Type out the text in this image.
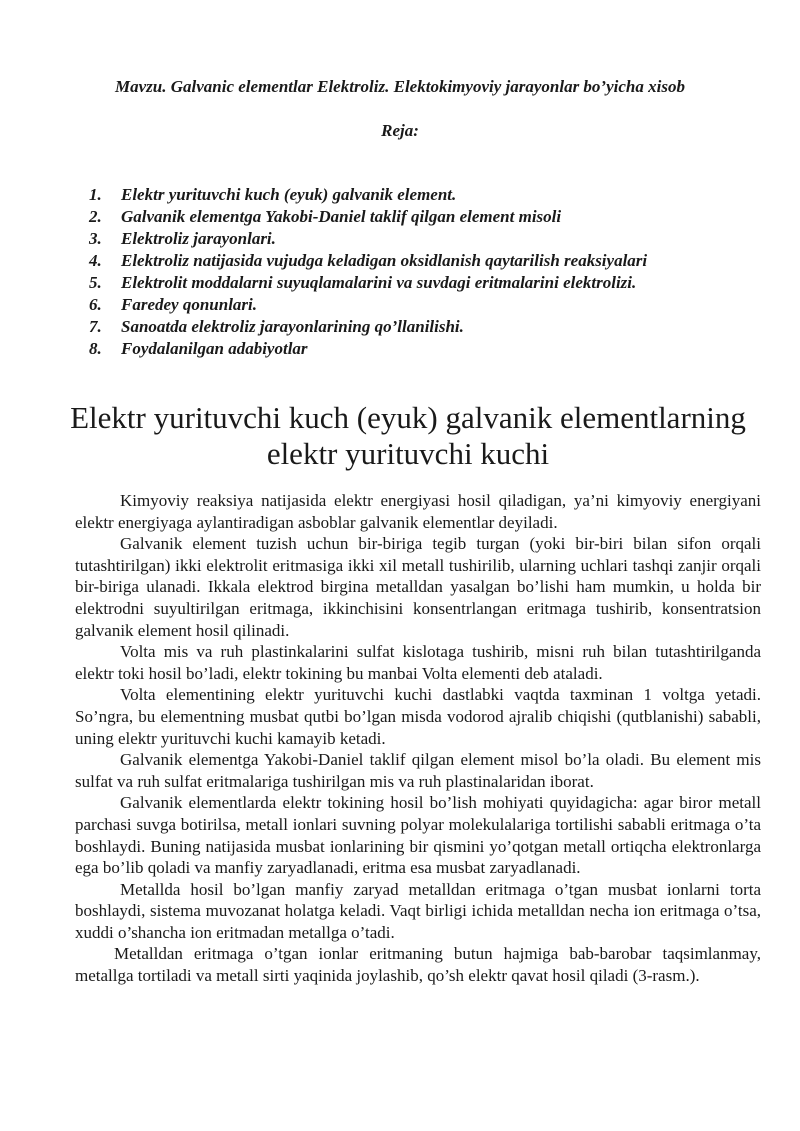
Mavzu. Galvanic elementlar Elektroliz. Elektokimyoviy jarayonlar bo’yicha xisob

Reja:

1.	Elektr yurituvchi kuch (eyuk) galvanik element.
2.	Galvanik elementga Yakobi-Daniel taklif qilgan element misoli
3.	Elektroliz jarayonlari.
4.	Elektroliz natijasida vujudga keladigan oksidlanish qaytarilish reaksiyalari
5.	Elektrolit moddalarni suyuqlamalarini va suvdagi eritmalarini elektrolizi.
6.	Faredey qonunlari.
7.	Sanoatda elektroliz jarayonlarining qo’llanilishi.
8.	Foydalanilgan adabiyotlar
Elektr yurituvchi kuch (eyuk) galvanik elementlarning elektr yurituvchi kuchi

Kimyoviy reaksiya natijasida elektr energiyasi hosil qiladigan, ya’ni kimyoviy energiyani elektr energiyaga aylantiradigan asboblar galvanik elementlar deyiladi.

Galvanik element tuzish uchun bir-biriga tegib turgan (yoki bir-biri bilan sifon orqali tutashtirilgan) ikki elektrolit eritmasiga ikki xil metall tushirilib, ularning uchlari tashqi zanjir orqali bir-biriga ulanadi. Ikkala elektrod birgina metalldan yasalgan bo’lishi ham mumkin, u holda bir elektrodni suyultirilgan eritmaga, ikkinchisini konsentrlangan eritmaga tushirib, konsentratsion galvanik element hosil qilinadi.

Volta mis va ruh plastinkalarini sulfat kislotaga tushirib, misni ruh bilan tutashtirilganda elektr toki hosil bo’ladi, elektr tokining bu manbai Volta elementi deb ataladi.

Volta elementining elektr yurituvchi kuchi dastlabki vaqtda taxminan 1 voltga yetadi. So’ngra, bu elementning musbat qutbi bo’lgan misda vodorod ajralib chiqishi (qutblanishi) sababli, uning elektr yurituvchi kuchi kamayib ketadi.

Galvanik elementga Yakobi-Daniel taklif qilgan element misol bo’la oladi. Bu element mis sulfat va ruh sulfat eritmalariga tushirilgan mis va ruh plastinalaridan iborat.

Galvanik elementlarda elektr tokining hosil bo’lish mohiyati quyidagicha: agar biror metall parchasi suvga botirilsa, metall ionlari suvning polyar molekulalariga tortilishi sababli eritmaga o’ta boshlaydi. Buning natijasida musbat ionlarining bir qismini yo’qotgan metall ortiqcha elektronlarga ega bo’lib qoladi va manfiy zaryadlanadi, eritma esa musbat zaryadlanadi.

Metallda hosil bo’lgan manfiy zaryad metalldan eritmaga o’tgan musbat ionlarni torta boshlaydi, sistema muvozanat holatga keladi. Vaqt birligi ichida metalldan necha ion eritmaga o’tsa, xuddi o’shancha ion eritmadan metallga o’tadi.

Metalldan eritmaga o’tgan ionlar eritmaning butun hajmiga bab-barobar taqsimlanmay, metallga tortiladi va metall sirti yaqinida joylashib, qo’sh elektr qavat hosil qiladi (3-rasm.).
